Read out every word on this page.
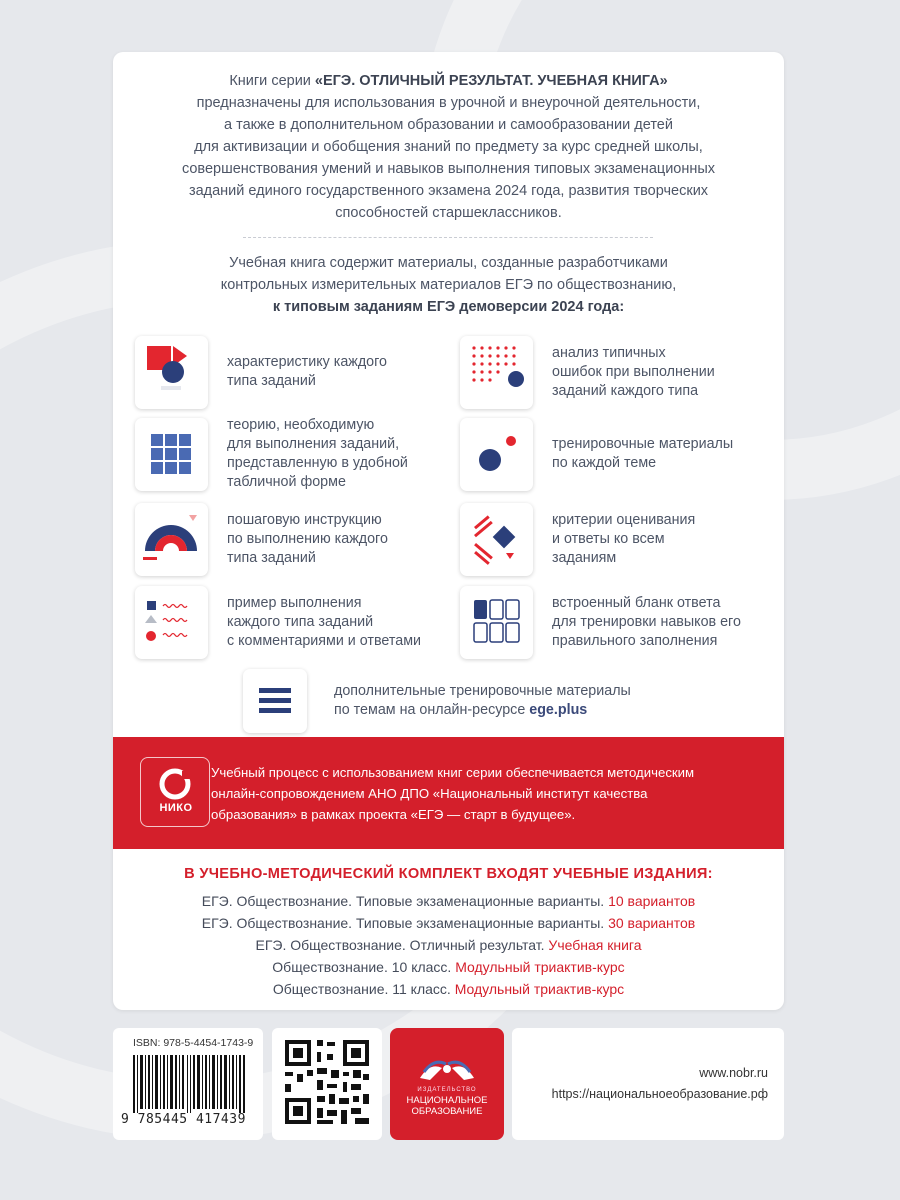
Книги серии «ЕГЭ. ОТЛИЧНЫЙ РЕЗУЛЬТАТ. УЧЕБНАЯ КНИГА»
предназначены для использования в урочной и внеурочной деятельности,
а также в дополнительном образовании и самообразовании детей
для активизации и обобщения знаний по предмету за курс средней школы,
совершенствования умений и навыков выполнения типовых экзаменационных
заданий единого государственного экзамена 2024 года, развития творческих
способностей старшеклассников.
Учебная книга содержит материалы, созданные разработчиками
контрольных измерительных материалов ЕГЭ по обществознанию,
к типовым заданиям ЕГЭ демоверсии 2024 года:
характеристику каждого
типа заданий
анализ типичных
ошибок при выполнении
заданий каждого типа
теорию, необходимую
для выполнения заданий,
представленную в удобной
табличной форме
тренировочные материалы
по каждой теме
пошаговую инструкцию
по выполнению каждого
типа заданий
критерии оценивания
и ответы ко всем
заданиям
пример выполнения
каждого типа заданий
с комментариями и ответами
встроенный бланк ответа
для тренировки навыков его
правильного заполнения
дополнительные тренировочные материалы
по темам на онлайн-ресурсе ege.plus
НИКО
Учебный процесс с использованием книг серии обеспечивается методическим
онлайн-сопровождением АНО ДПО «Национальный институт качества
образования» в рамках проекта «ЕГЭ — старт в будущее».
В УЧЕБНО-МЕТОДИЧЕСКИЙ КОМПЛЕКТ ВХОДЯТ УЧЕБНЫЕ ИЗДАНИЯ:
ЕГЭ. Обществознание. Типовые экзаменационные варианты. 10 вариантов
ЕГЭ. Обществознание. Типовые экзаменационные варианты. 30 вариантов
ЕГЭ. Обществознание. Отличный результат. Учебная книга
Обществознание. 10 класс. Модульный триактив-курс
Обществознание. 11 класс. Модульный триактив-курс
ISBN: 978-5-4454-1743-9
9 785445 417439
ИЗДАТЕЛЬСТВО
НАЦИОНАЛЬНОЕ
ОБРАЗОВАНИЕ
www.nobr.ru
https://национальноеобразование.рф
